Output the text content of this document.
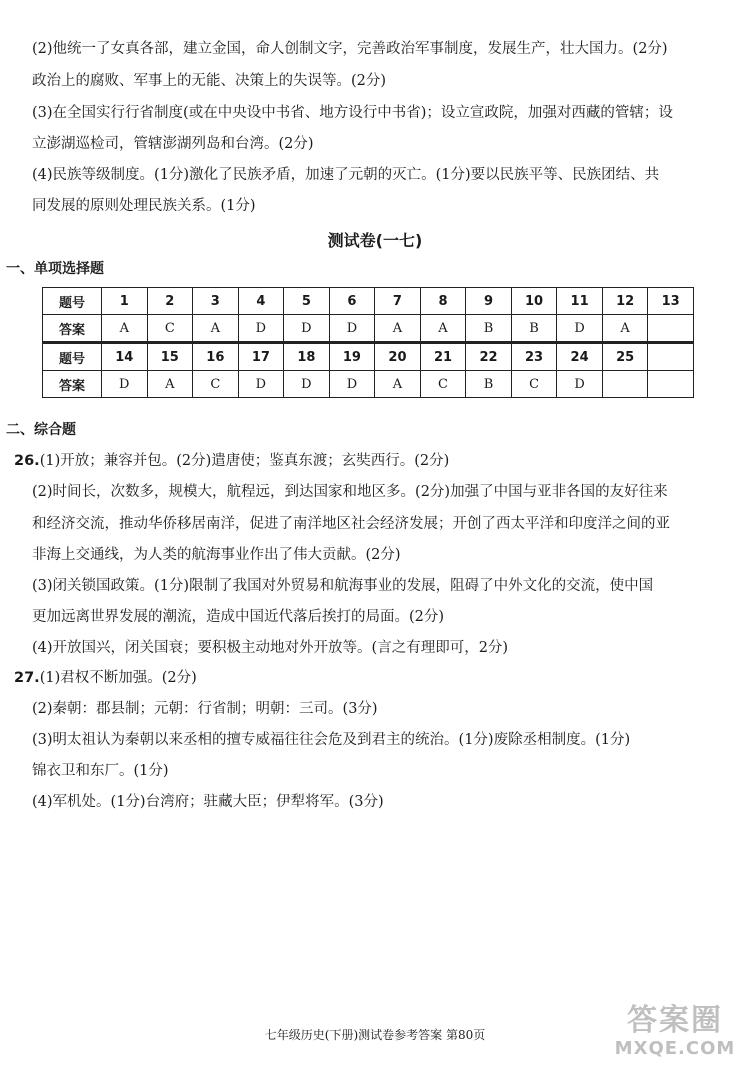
(2)他统一了女真各部，建立金国，命人创制文字，完善政治军事制度，发展生产，壮大国力。(2分)
政治上的腐败、军事上的无能、决策上的失误等。(2分)
(3)在全国实行行省制度(或在中央设中书省、地方设行中书省)；设立宣政院，加强对西藏的管辖；设
立澎湖巡检司，管辖澎湖列岛和台湾。(2分)
(4)民族等级制度。(1分)激化了民族矛盾，加速了元朝的灭亡。(1分)要以民族平等、民族团结、共
同发展的原则处理民族关系。(1分)
测试卷(一七)
一、单项选择题
题号	1	2	3	4	5	6	7	8	9	10	11	12	13
答案	A	C	A	D	D	D	A	A	B	B	D	A	
题号	14	15	16	17	18	19	20	21	22	23	24	25	
答案	D	A	C	D	D	D	A	C	B	C	D		
二、综合题
26.(1)开放；兼容并包。(2分)遣唐使；鉴真东渡；玄奘西行。(2分)
(2)时间长，次数多，规模大，航程远，到达国家和地区多。(2分)加强了中国与亚非各国的友好往来
和经济交流，推动华侨移居南洋，促进了南洋地区社会经济发展；开创了西太平洋和印度洋之间的亚
非海上交通线，为人类的航海事业作出了伟大贡献。(2分)
(3)闭关锁国政策。(1分)限制了我国对外贸易和航海事业的发展，阻碍了中外文化的交流，使中国
更加远离世界发展的潮流，造成中国近代落后挨打的局面。(2分)
(4)开放国兴，闭关国衰；要积极主动地对外开放等。(言之有理即可，2分)
27.(1)君权不断加强。(2分)
(2)秦朝：郡县制；元朝：行省制；明朝：三司。(3分)
(3)明太祖认为秦朝以来丞相的擅专威福往往会危及到君主的统治。(1分)废除丞相制度。(1分)
锦衣卫和东厂。(1分)
(4)军机处。(1分)台湾府；驻藏大臣；伊犁将军。(3分)
七年级历史(下册)测试卷参考答案 第80页	答案圈
MXQE.COM
